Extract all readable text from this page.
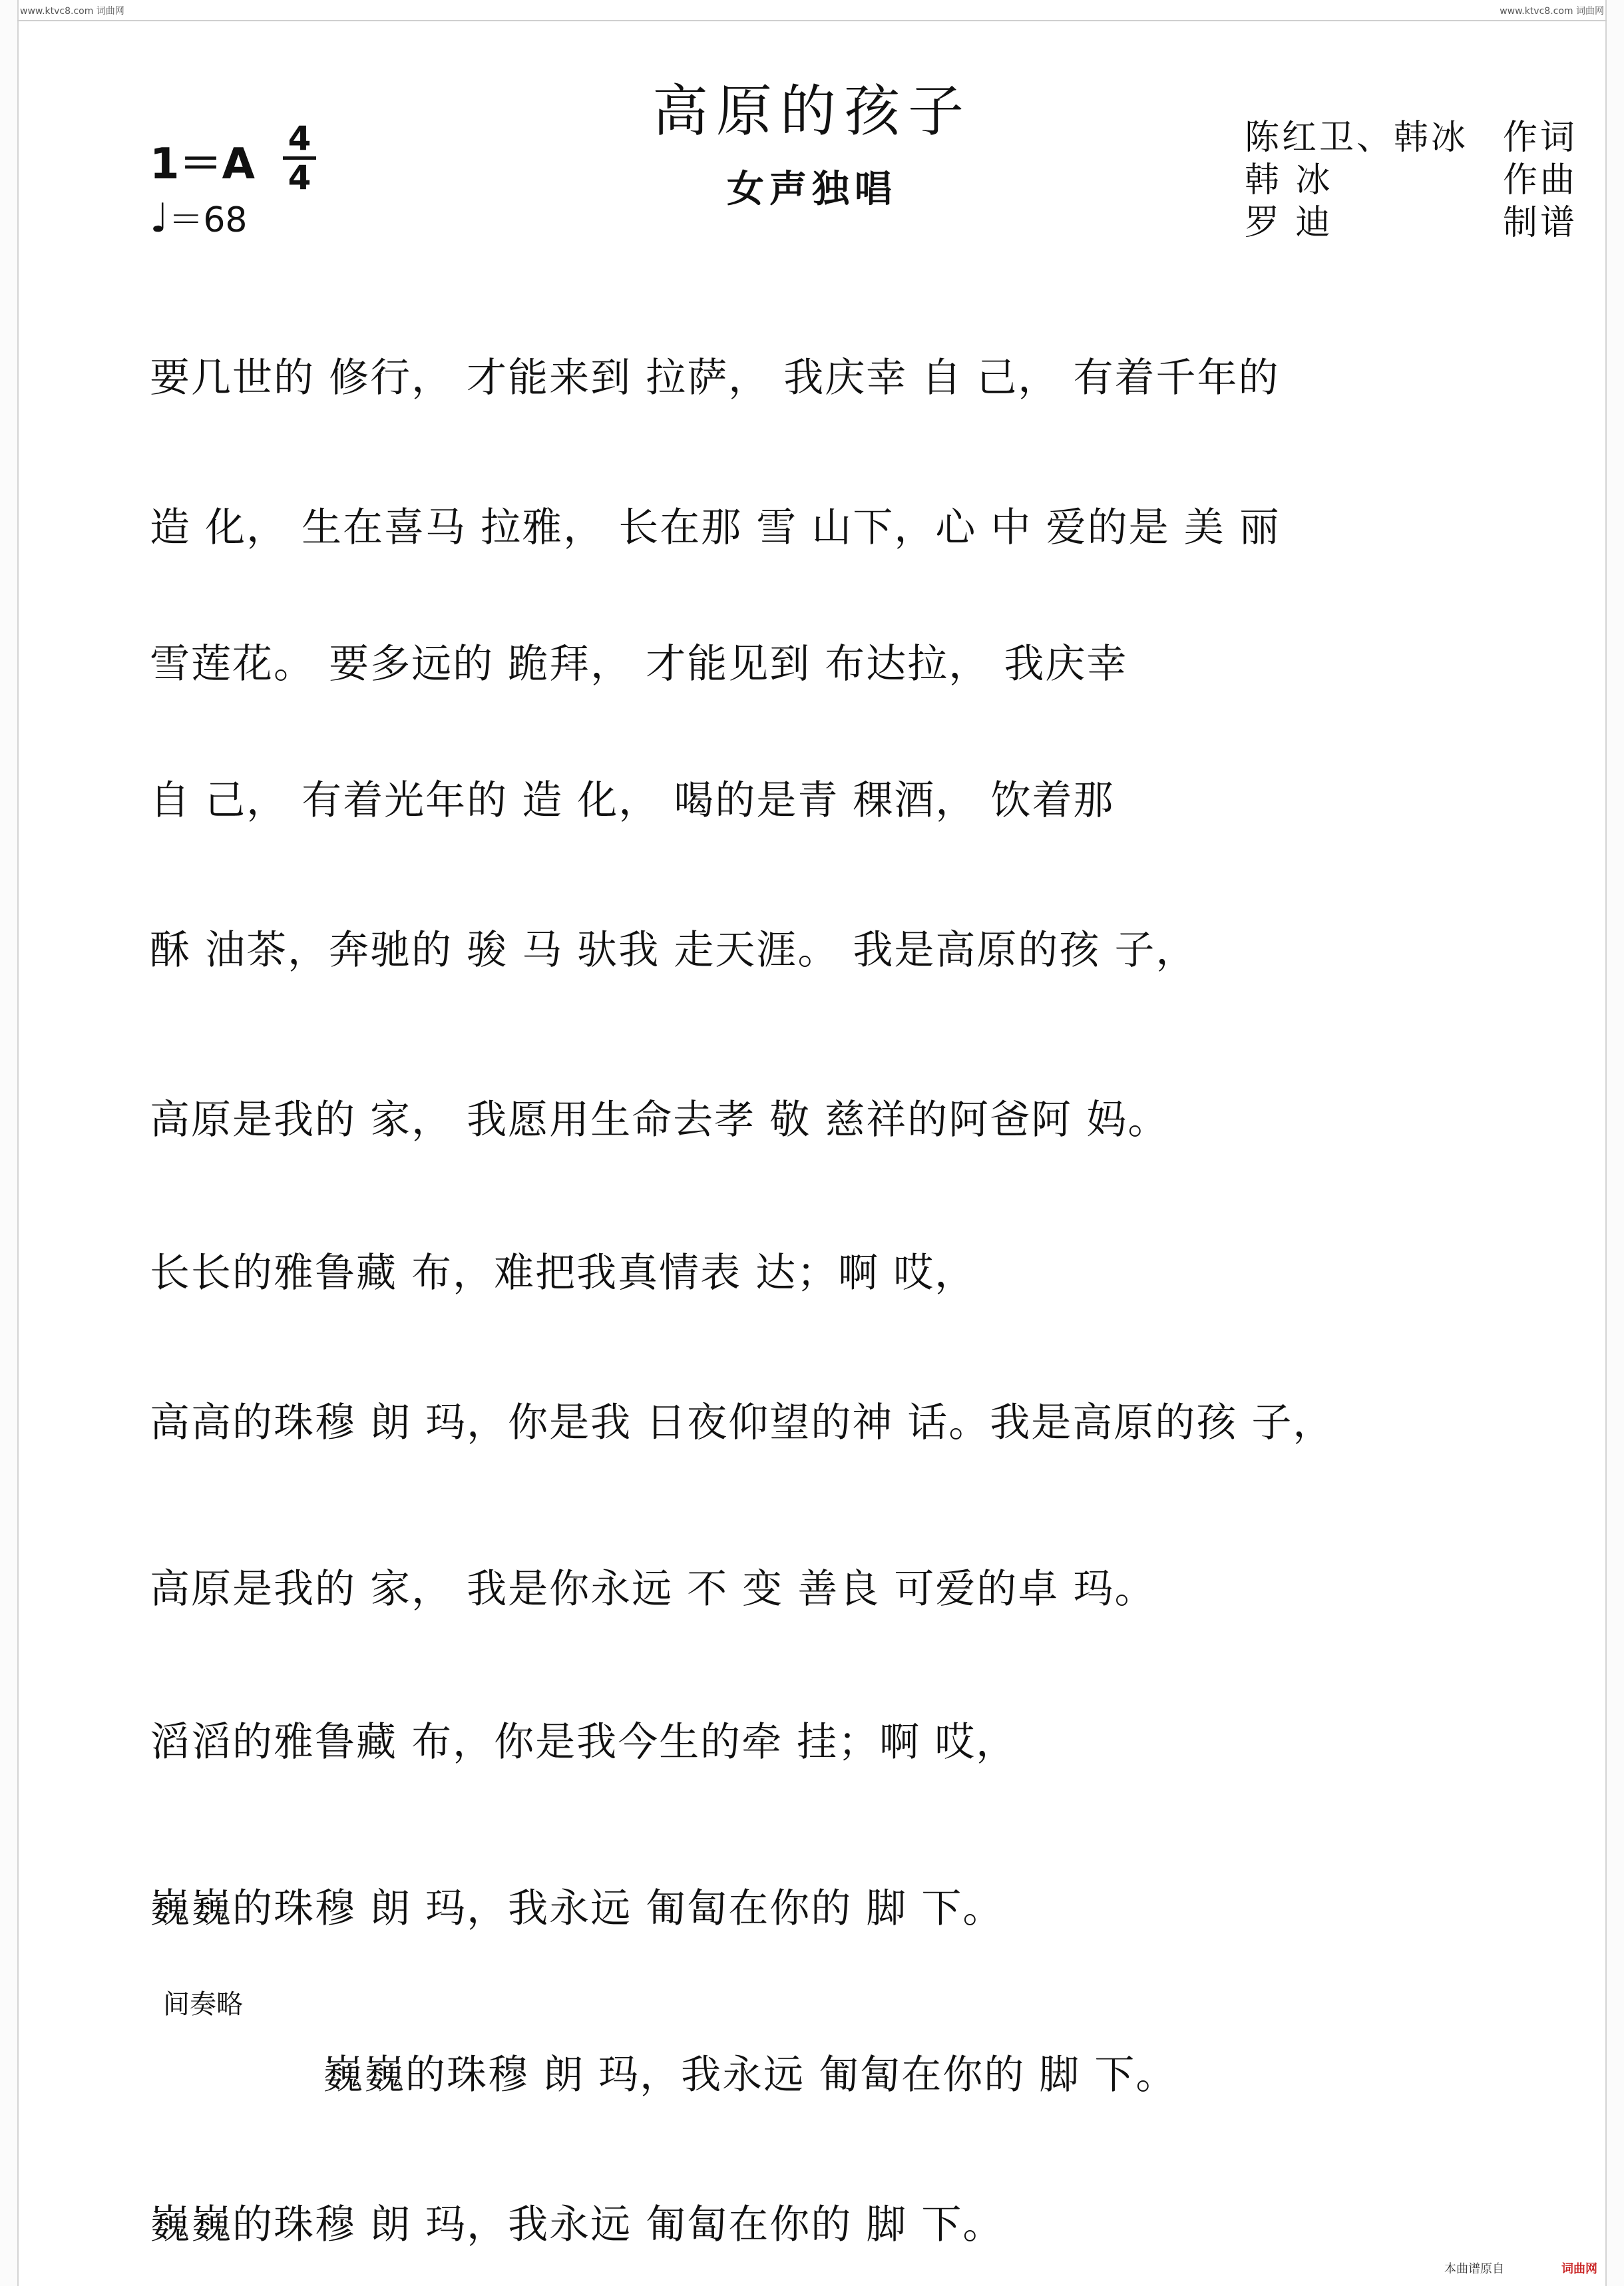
www.ktvc8.com 词曲网	www.ktvc8.com 词曲网
高原的孩子
女声独唱
1＝A
4
4
♩＝68
陈红卫、韩冰 作词
韩 冰	作曲
罗 迪	制谱
要几世的 修行， 才能来到 拉萨， 我庆幸 自 己， 有着千年的
造 化， 生在喜马 拉雅， 长在那 雪 山下，心 中 爱的是 美 丽
雪莲花。 要多远的 跪拜， 才能见到 布达拉， 我庆幸
自 己， 有着光年的 造 化， 喝的是青 稞酒， 饮着那
酥 油茶，奔驰的 骏 马 驮我 走天涯。 我是高原的孩 子，
高原是我的 家， 我愿用生命去孝 敬 慈祥的阿爸阿 妈。
长长的雅鲁藏 布，难把我真情表 达；啊 哎，
高高的珠穆 朗 玛，你是我 日夜仰望的神 话。我是高原的孩 子，
高原是我的 家， 我是你永远 不 变 善良 可爱的卓 玛。
滔滔的雅鲁藏 布，你是我今生的牵 挂；啊 哎，
巍巍的珠穆 朗 玛，我永远 匍匐在你的 脚 下。
巍巍的珠穆 朗 玛，我永远 匍匐在你的 脚 下。
巍巍的珠穆 朗 玛，我永远 匍匐在你的 脚 下。
间奏略
本曲谱原自	词曲网
